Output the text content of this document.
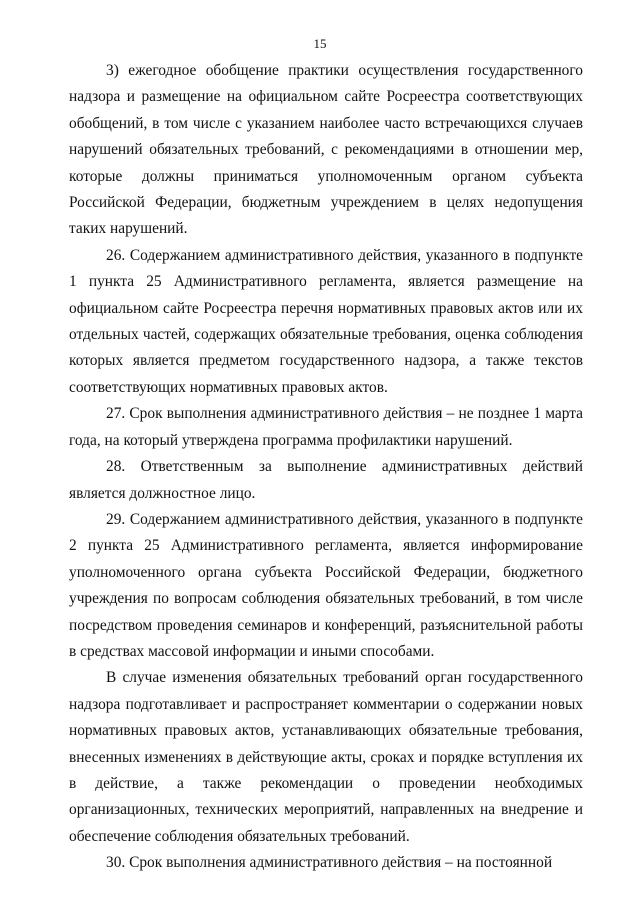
15

3) ежегодное обобщение практики осуществления государственного надзора и размещение на официальном сайте Росреестра соответствующих обобщений, в том числе с указанием наиболее часто встречающихся случаев нарушений обязательных требований, с рекомендациями в отношении мер, которые должны приниматься уполномоченным органом субъекта Российской Федерации, бюджетным учреждением в целях недопущения таких нарушений.

26. Содержанием административного действия, указанного в подпункте 1 пункта 25 Административного регламента, является размещение на официальном сайте Росреестра перечня нормативных правовых актов или их отдельных частей, содержащих обязательные требования, оценка соблюдения которых является предметом государственного надзора, а также текстов соответствующих нормативных правовых актов.

27. Срок выполнения административного действия – не позднее 1 марта года, на который утверждена программа профилактики нарушений.

28. Ответственным за выполнение административных действий является должностное лицо.

29. Содержанием административного действия, указанного в подпункте 2 пункта 25 Административного регламента, является информирование уполномоченного органа субъекта Российской Федерации, бюджетного учреждения по вопросам соблюдения обязательных требований, в том числе посредством проведения семинаров и конференций, разъяснительной работы в средствах массовой информации и иными способами.

В случае изменения обязательных требований орган государственного надзора подготавливает и распространяет комментарии о содержании новых нормативных правовых актов, устанавливающих обязательные требования, внесенных изменениях в действующие акты, сроках и порядке вступления их в действие, а также рекомендации о проведении необходимых организационных, технических мероприятий, направленных на внедрение и обеспечение соблюдения обязательных требований.

30. Срок выполнения административного действия – на постоянной
